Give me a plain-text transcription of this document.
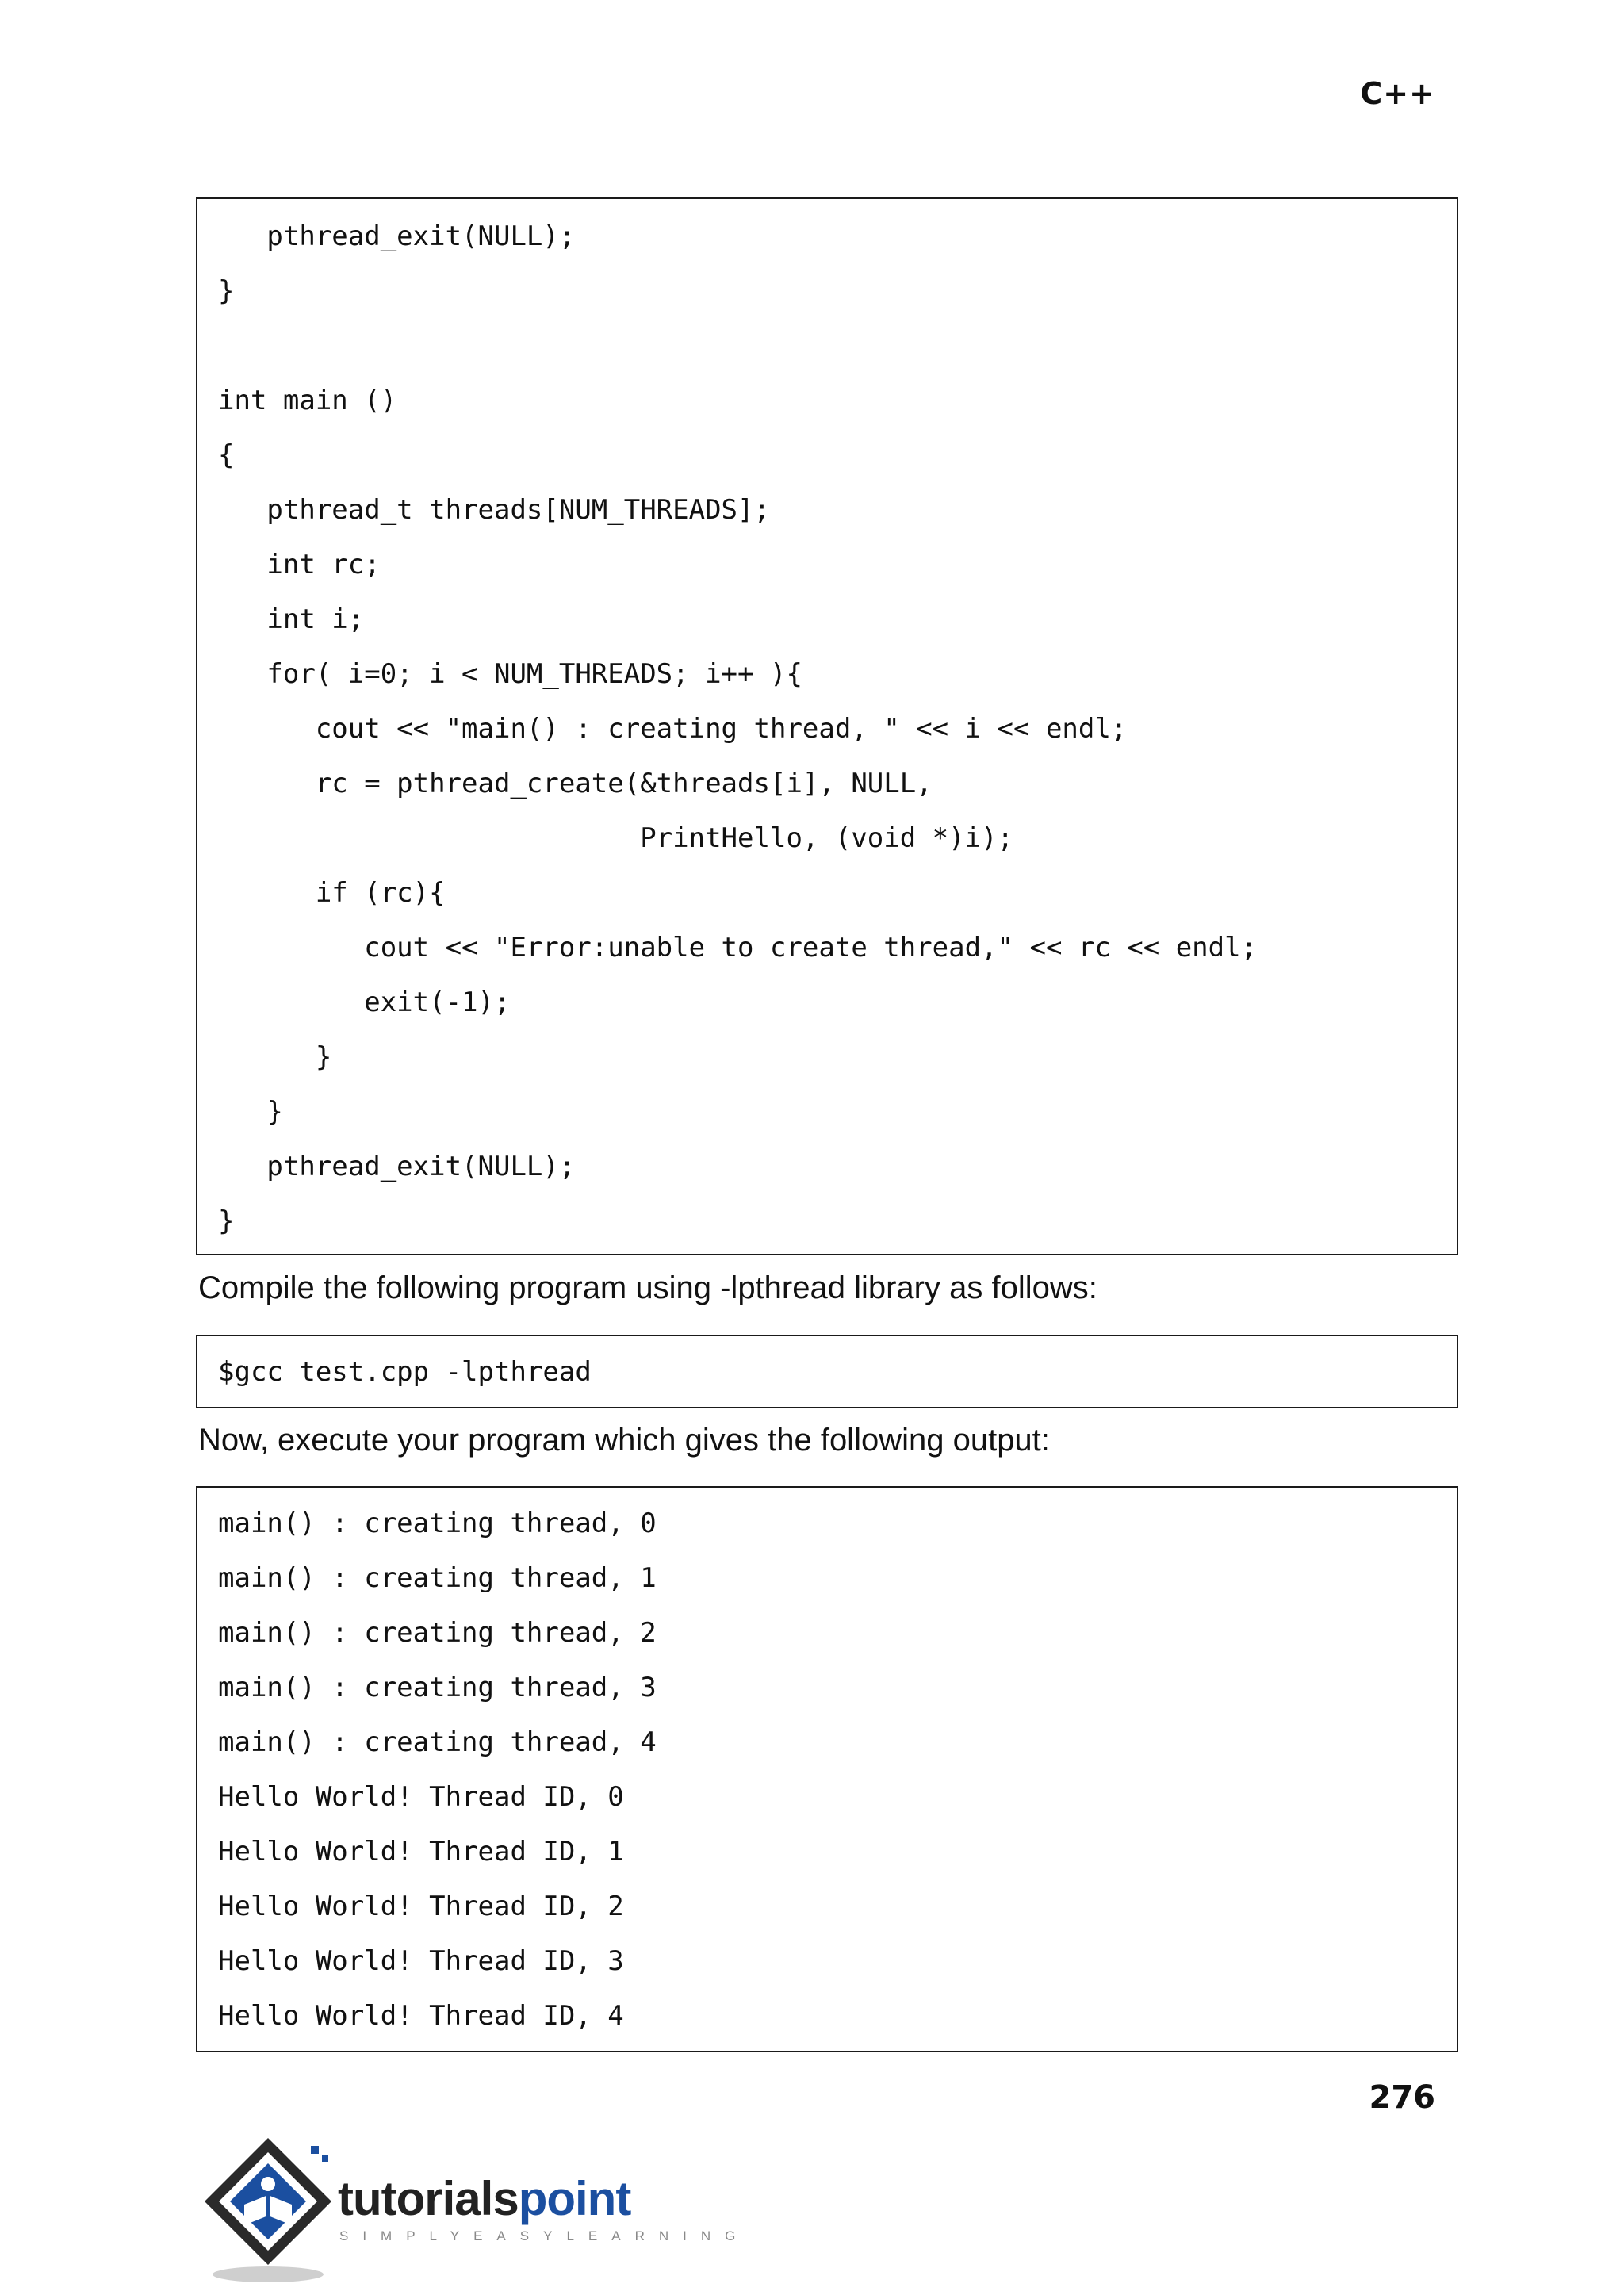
C++
pthread_exit(NULL);
}
int main ()
{
pthread_t threads[NUM_THREADS];
int rc;
int i;
for( i=0; i < NUM_THREADS; i++ ){
cout << "main() : creating thread, " << i << endl;
rc = pthread_create(&threads[i], NULL,
PrintHello, (void *)i);
if (rc){
cout << "Error:unable to create thread," << rc << endl;
exit(-1);
}
}
pthread_exit(NULL);
}
Compile the following program using -lpthread library as follows:
$gcc test.cpp -lpthread
Now, execute your program which gives the following output:
main() : creating thread, 0
main() : creating thread, 1
main() : creating thread, 2
main() : creating thread, 3
main() : creating thread, 4
Hello World! Thread ID, 0
Hello World! Thread ID, 1
Hello World! Thread ID, 2
Hello World! Thread ID, 3
Hello World! Thread ID, 4
276
tutorialspoint
SIMPLYEASYLEARNING
